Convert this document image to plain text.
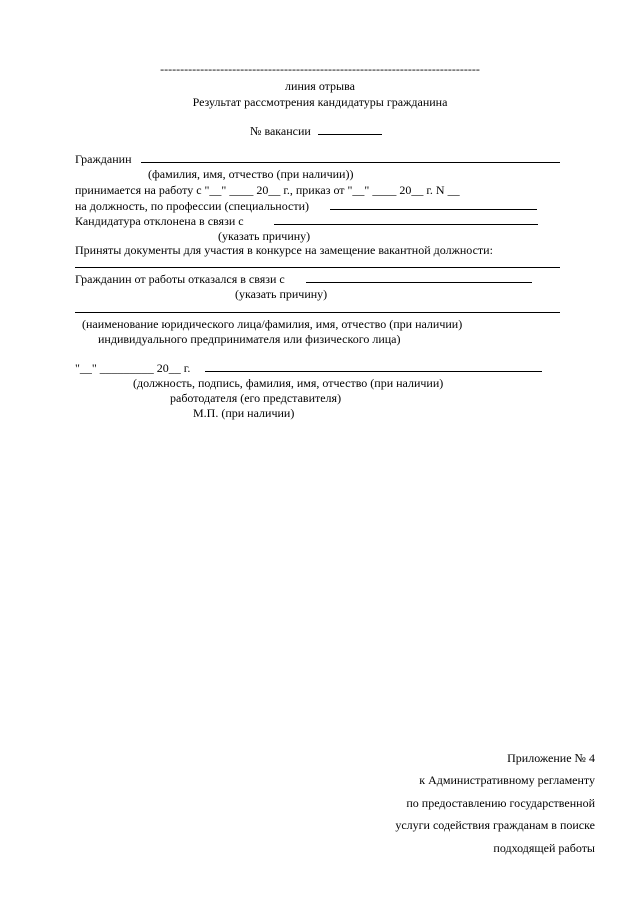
--------------------------------------------------------------------------------
линия отрыва
Результат рассмотрения кандидатуры гражданина
№ вакансии
Гражданин
(фамилия, имя, отчество (при наличии))
принимается на работу с "__" ____ 20__ г., приказ от "__" ____ 20__ г. N __
на должность, по профессии (специальности)
Кандидатура отклонена в связи с
(указать причину)
Приняты документы для участия в конкурсе на замещение вакантной должности:
Гражданин от работы отказался в связи с
(указать причину)
(наименование юридического лица/фамилия, имя, отчество (при наличии)
индивидуального предпринимателя или физического лица)
"__" _________ 20__ г.
(должность, подпись, фамилия, имя, отчество (при наличии)
работодателя (его представителя)
М.П. (при наличии)
Приложение № 4
к Административному регламенту
по предоставлению государственной
услуги содействия гражданам в поиске
подходящей работы
